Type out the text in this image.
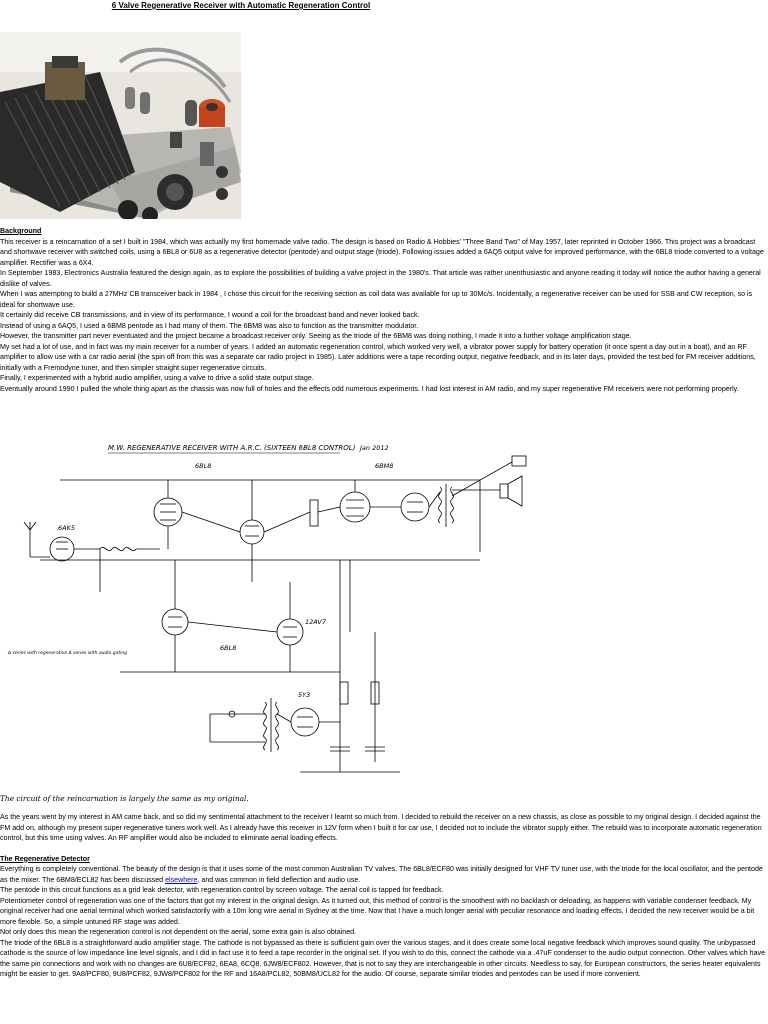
6 Valve Regenerative Receiver with Automatic Regeneration Control

Background

This receiver is a reincarnation of a set I built in 1984, which was actually my first homemade valve radio. The design is based on Radio & Hobbies' "Three Band Two" of May 1957, later reprinted in October 1966. This project was a broadcast and shortwave receiver with switched coils, using a 6BL8 or 6U8 as a regenerative detector (pentode) and output stage (triode). Following issues added a 6AQ5 output valve for improved performance, with the 6BL8 triode converted to a voltage amplifier. Rectifier was a 6X4.

In September 1983, Electronics Australia featured the design again, as to explore the possibilities of building a valve project in the 1980's. That article was rather unenthusiastic and anyone reading it today will notice the author having a general dislike of valves.

When I was attempting to build a 27MHz CB transceiver back in 1984 , I chose this circuit for the receiving section as coil data was available for up to 30Mc/s. Incidentally, a regenerative receiver can be used for SSB and CW reception, so is ideal for shortwave use.

It certainly did receive CB transmissions, and in view of its performance, I wound a coil for the broadcast band and never looked back.

Instead of using a 6AQ5, I used a 6BM8 pentode as I had many of them. The 6BM8 was also to function as the transmitter modulator.

However, the transmitter part never eventuated and the project became a broadcast receiver only. Seeing as the triode of the 6BM8 was doing nothing, I made it into a further voltage amplification stage.

My set had a lot of use, and in fact was my main receiver for a number of years. I added an automatic regeneration control, which worked very well, a vibrator power supply for battery operation (it once spent a day out in a boat), and an RF amplifier to allow use with a car radio aerial (the spin off from this was a separate car radio project in 1985). Later additions were a tape recording output, negative feedback, and in its later days, provided the test bed for FM receiver additions, initially with a Fremodyne tuner, and then simpler straight super regenerative circuits.

Finally, I experimented with a hybrid audio amplifier, using a valve to drive a solid state output stage.

Eventually around 1990 I pulled the whole thing apart as the chassis was now full of holes and the effects odd numerous experiments. I had lost interest in AM radio, and my super regenerative FM receivers were not performing properly.

M.W. REGENERATIVE RECEIVER WITH A.R.C. (SIXTEEN 6BL8 CONTROL) Jan 2012
6BL8	6BM8
6AK5
6BL8
5Y3
12AV7
Δ series with regenerative Δ series with audio gating
The circuit of the reincarnation is largely the same as my original.

As the years went by my interest in AM came back, and so did my sentimental attachment to the receiver I learnt so much from. I decided to rebuild the receiver on a new chassis, as close as possible to my original design. I decided against the FM add on, although my present super regenerative tuners work well. As I already have this receiver in 12V form when I built it for car use, I decided not to include the vibrator supply either. The rebuild was to incorporate automatic regeneration control, but this time using valves. An RF amplifier would also be included to eliminate aerial loading effects.

The Regenerative Detector

Everything is completely conventional. The beauty of the design is that it uses some of the most common Australian TV valves. The 6BL8/ECF80 was initially designed for VHF TV tuner use, with the triode for the local oscillator, and the pentode as the mixer. The 6BM8/ECL82 has been discussed elsewhere, and was common in field deflection and audio use.

The pentode in this circuit functions as a grid leak detector, with regeneration control by screen voltage. The aerial coil is tapped for feedback.

Potentiometer control of regeneration was one of the factors that got my interest in the original design. As it turned out, this method of control is the smoothest with no backlash or deloading, as happens with variable condenser feedback. My original receiver had one aerial terminal which worked satisfactorily with a 10m long wire aerial in Sydney at the time. Now that I have a much longer aerial with peculiar resonance and loading effects, I decided the new receiver would be a bit more flexible. So, a simple untuned RF stage was added.

Not only does this mean the regeneration control is not dependent on the aerial, some extra gain is also obtained.

The triode of the 6BL8 is a straightforward audio amplifier stage. The cathode is not bypassed as there is sufficient gain over the various stages, and it does create some local negative feedback which improves sound quality. The unbypassed cathode is the source of low impedance line level signals, and I did in fact use it to feed a tape recorder in the original set. If you wish to do this, connect the cathode via a .47uF condenser to the audio output connection. Other valves which have the same pin connections and work with no changes are 6U8/ECF82, 6EA8, 6CQ8, 6JW8/ECF802. However, that is not to say they are interchangeable in other circuits. Needless to say, for European constructors, the series heater equivalents might be easier to get. 9A8/PCF80, 9U8/PCF82, 9JW8/PCF802 for the RF and 16A8/PCL82, 50BM8/UCL82 for the audio. Of course, separate similar triodes and pentodes can be used if more convenient.
